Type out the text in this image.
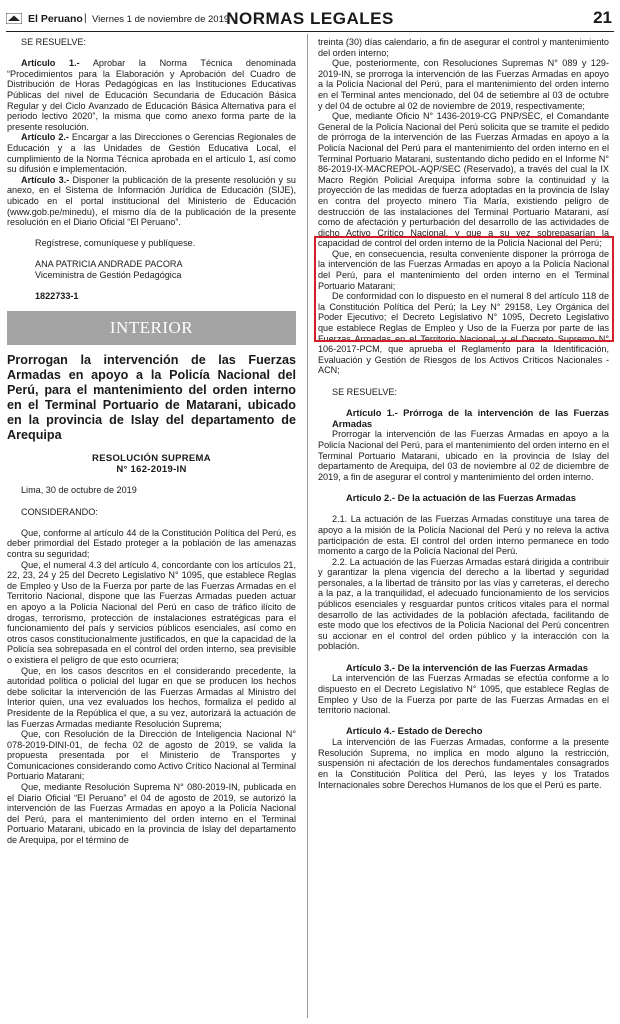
El Peruano | Viernes 1 de noviembre de 2019
NORMAS LEGALES	21

SE RESUELVE:

Artículo 1.- Aprobar la Norma Técnica denominada “Procedimientos para la Elaboración y Aprobación del Cuadro de Distribución de Horas Pedagógicas en las Instituciones Educativas Públicas del nivel de Educación Secundaria de Educación Básica Regular y del Ciclo Avanzado de Educación Básica Alternativa para el periodo lectivo 2020”, la misma que como anexo forma parte de la presente resolución.

Artículo 2.- Encargar a las Direcciones o Gerencias Regionales de Educación y a las Unidades de Gestión Educativa Local, el cumplimiento de la Norma Técnica aprobada en el artículo 1, así como su difusión e implementación.

Artículo 3.- Disponer la publicación de la presente resolución y su anexo, en el Sistema de Información Jurídica de Educación (SIJE), ubicado en el portal institucional del Ministerio de Educación (www.gob.pe/minedu), el mismo día de la publicación de la presente resolución en el Diario Oficial “El Peruano”.

Regístrese, comuníquese y publíquese.

ANA PATRICIA ANDRADE PACORA

Viceministra de Gestión Pedagógica

1822733-1

INTERIOR
Prorrogan la intervención de las Fuerzas Armadas en apoyo a la Policía Nacional del Perú, para el mantenimiento del orden interno en el Terminal Portuario de Matarani, ubicado en la provincia de Islay del departamento de Arequipa
RESOLUCIÓN SUPREMA
N° 162-2019-IN

Lima, 30 de octubre de 2019

CONSIDERANDO:

Que, conforme al artículo 44 de la Constitución Política del Perú, es deber primordial del Estado proteger a la población de las amenazas contra su seguridad;

Que, el numeral 4.3 del artículo 4, concordante con los artículos 21, 22, 23, 24 y 25 del Decreto Legislativo N° 1095, que establece Reglas de Empleo y Uso de la Fuerza por parte de las Fuerzas Armadas en el Territorio Nacional, dispone que las Fuerzas Armadas pueden actuar en apoyo a la Policía Nacional del Perú en caso de tráfico ilícito de drogas, terrorismo, protección de instalaciones estratégicas para el funcionamiento del país y servicios públicos esenciales, así como en otros casos constitucionalmente justificados, en que la capacidad de la Policía sea sobrepasada en el control del orden interno, sea previsible o existiera el peligro de que esto ocurriera;

Que, en los casos descritos en el considerando precedente, la autoridad política o policial del lugar en que se producen los hechos debe solicitar la intervención de las Fuerzas Armadas al Ministro del Interior quien, una vez evaluados los hechos, formaliza el pedido al Presidente de la República el que, a su vez, autorizará la actuación de las Fuerzas Armadas mediante Resolución Suprema;

Que, con Resolución de la Dirección de Inteligencia Nacional N° 078-2019-DINI-01, de fecha 02 de agosto de 2019, se valida la propuesta presentada por el Ministerio de Transportes y Comunicaciones considerando como Activo Crítico Nacional al Terminal Portuario Matarani;

Que, mediante Resolución Suprema N° 080-2019-IN, publicada en el Diario Oficial “El Peruano” el 04 de agosto de 2019, se autorizó la intervención de las Fuerzas Armadas en apoyo a la Policía Nacional del Perú, para el mantenimiento del orden interno en el Terminal Portuario Matarani, ubicado en la provincia de Islay del departamento de Arequipa, por el término de

treinta (30) días calendario, a fin de asegurar el control y mantenimiento del orden interno;

Que, posteriormente, con Resoluciones Supremas N° 089 y 129-2019-IN, se prorroga la intervención de las Fuerzas Armadas en apoyo a la Policía Nacional del Perú, para el mantenimiento del orden interno en el Terminal antes mencionado, del 04 de setiembre al 03 de octubre y del 04 de octubre al 02 de noviembre de 2019, respectivamente;

Que, mediante Oficio N° 1436-2019-CG PNP/SEC, el Comandante General de la Policía Nacional del Perú solicita que se tramite el pedido de prórroga de la intervención de las Fuerzas Armadas en apoyo a la Policía Nacional del Perú para el mantenimiento del orden interno en el Terminal Portuario Matarani, sustentando dicho pedido en el Informe N° 86-2019-IX-MACREPOL-AQP/SEC (Reservado), a través del cual la IX Macro Región Policial Arequipa informa sobre la continuidad y la proyección de las medidas de fuerza adoptadas en la provincia de Islay en contra del proyecto minero Tía María, existiendo peligro de destrucción de las instalaciones del Terminal Portuario Matarani, así como de afectación y perturbación del desarrollo de las actividades de dicho Activo Crítico Nacional, y que a su vez sobrepasarían la capacidad de control del orden interno de la Policía Nacional del Perú;

Que, en consecuencia, resulta conveniente disponer la prórroga de la intervención de las Fuerzas Armadas en apoyo a la Policía Nacional del Perú, para el mantenimiento del orden interno en el Terminal Portuario Matarani;

De conformidad con lo dispuesto en el numeral 8 del artículo 118 de la Constitución Política del Perú; la Ley N° 29158, Ley Orgánica del Poder Ejecutivo; el Decreto Legislativo N° 1095, Decreto Legislativo que establece Reglas de Empleo y Uso de la Fuerza por parte de las Fuerzas Armadas en el Territorio Nacional, y el Decreto Supremo N° 106-2017-PCM, que aprueba el Reglamento para la Identificación, Evaluación y Gestión de Riesgos de los Activos Críticos Nacionales - ACN;

SE RESUELVE:

Artículo 1.- Prórroga de la intervención de las Fuerzas Armadas

Prorrogar la intervención de las Fuerzas Armadas en apoyo a la Policía Nacional del Perú, para el mantenimiento del orden interno en el Terminal Portuario Matarani, ubicado en la provincia de Islay del departamento de Arequipa, del 03 de noviembre al 02 de diciembre de 2019, a fin de asegurar el control y mantenimiento del orden interno.

Artículo 2.- De la actuación de las Fuerzas Armadas

2.1. La actuación de las Fuerzas Armadas constituye una tarea de apoyo a la misión de la Policía Nacional del Perú y no releva la activa participación de esta. El control del orden interno permanece en todo momento a cargo de la Policía Nacional del Perú.

2.2. La actuación de las Fuerzas Armadas estará dirigida a contribuir y garantizar la plena vigencia del derecho a la libertad y seguridad personales, a la libertad de tránsito por las vías y carreteras, el derecho a la paz, a la tranquilidad, el adecuado funcionamiento de los servicios públicos esenciales y resguardar puntos críticos vitales para el normal desarrollo de las actividades de la población afectada, facilitando de este modo que los efectivos de la Policía Nacional del Perú concentren su accionar en el control del orden público y la interacción con la población.

Artículo 3.- De la intervención de las Fuerzas Armadas

La intervención de las Fuerzas Armadas se efectúa conforme a lo dispuesto en el Decreto Legislativo N° 1095, que establece Reglas de Empleo y Uso de la Fuerza por parte de las Fuerzas Armadas en el territorio nacional.

Artículo 4.- Estado de Derecho

La intervención de las Fuerzas Armadas, conforme a la presente Resolución Suprema, no implica en modo alguno la restricción, suspensión ni afectación de los derechos fundamentales consagrados en la Constitución Política del Perú, las leyes y los Tratados Internacionales sobre Derechos Humanos de los que el Perú es parte.
